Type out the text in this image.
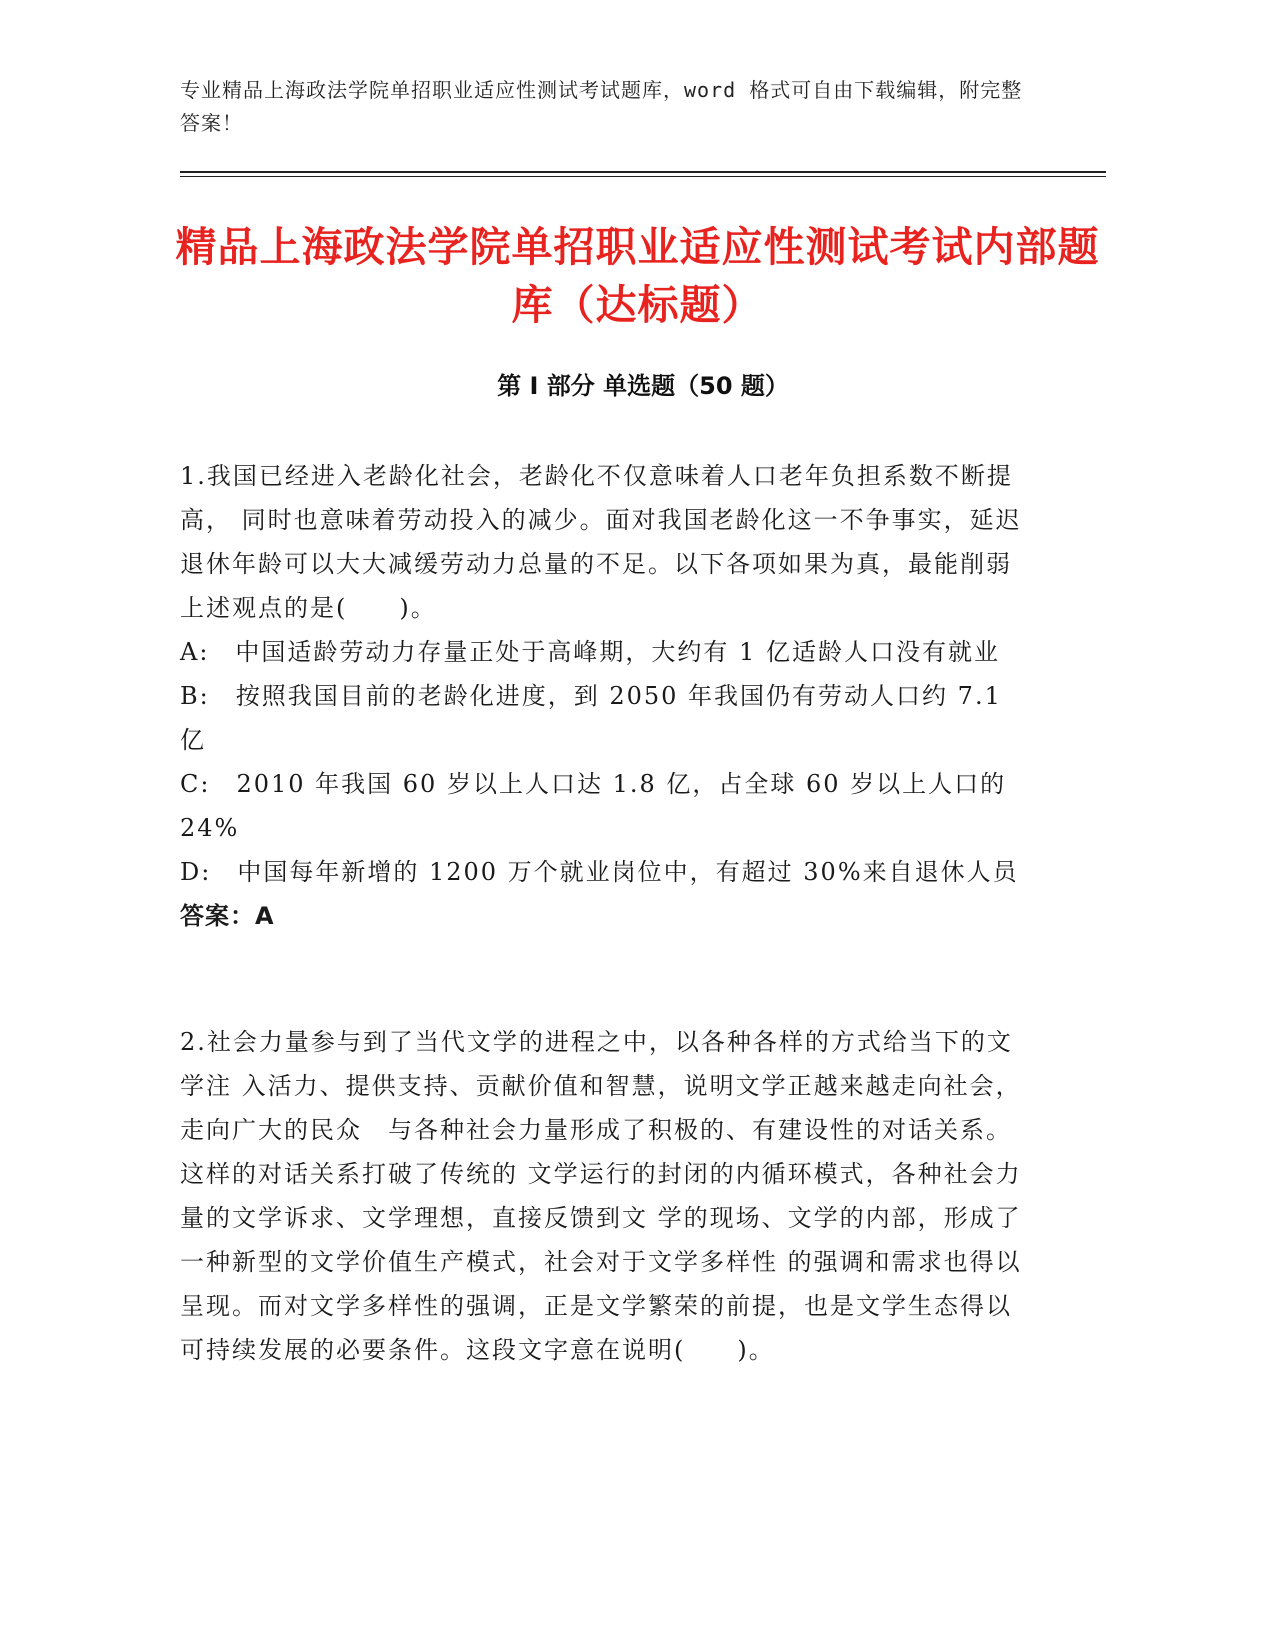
专业精品上海政法学院单招职业适应性测试考试题库，word 格式可自由下载编辑，附完整答案！
精品上海政法学院单招职业适应性测试考试内部题库（达标题）
第 I 部分 单选题（50 题）

1.我国已经进入老龄化社会，老龄化不仅意味着人口老年负担系数不断提高， 同时也意味着劳动投入的减少。面对我国老龄化这一不争事实，延迟退休年龄可以大大减缓劳动力总量的不足。以下各项如果为真，最能削弱上述观点的是(　　)。

A:　中国适龄劳动力存量正处于高峰期，大约有 1 亿适龄人口没有就业

B:　按照我国目前的老龄化进度，到 2050 年我国仍有劳动人口约 7.1 亿

C:　2010 年我国 60 岁以上人口达 1.8 亿，占全球 60 岁以上人口的 24%

D:　中国每年新增的 1200 万个就业岗位中，有超过 30%来自退休人员

答案：A

2.社会力量参与到了当代文学的进程之中，以各种各样的方式给当下的文学注 入活力、提供支持、贡献价值和智慧，说明文学正越来越走向社会，走向广大的民众　与各种社会力量形成了积极的、有建设性的对话关系。这样的对话关系打破了传统的 文学运行的封闭的内循环模式，各种社会力量的文学诉求、文学理想，直接反馈到文 学的现场、文学的内部，形成了一种新型的文学价值生产模式，社会对于文学多样性 的强调和需求也得以呈现。而对文学多样性的强调，正是文学繁荣的前提，也是文学生态得以可持续发展的必要条件。这段文字意在说明(　　)。
